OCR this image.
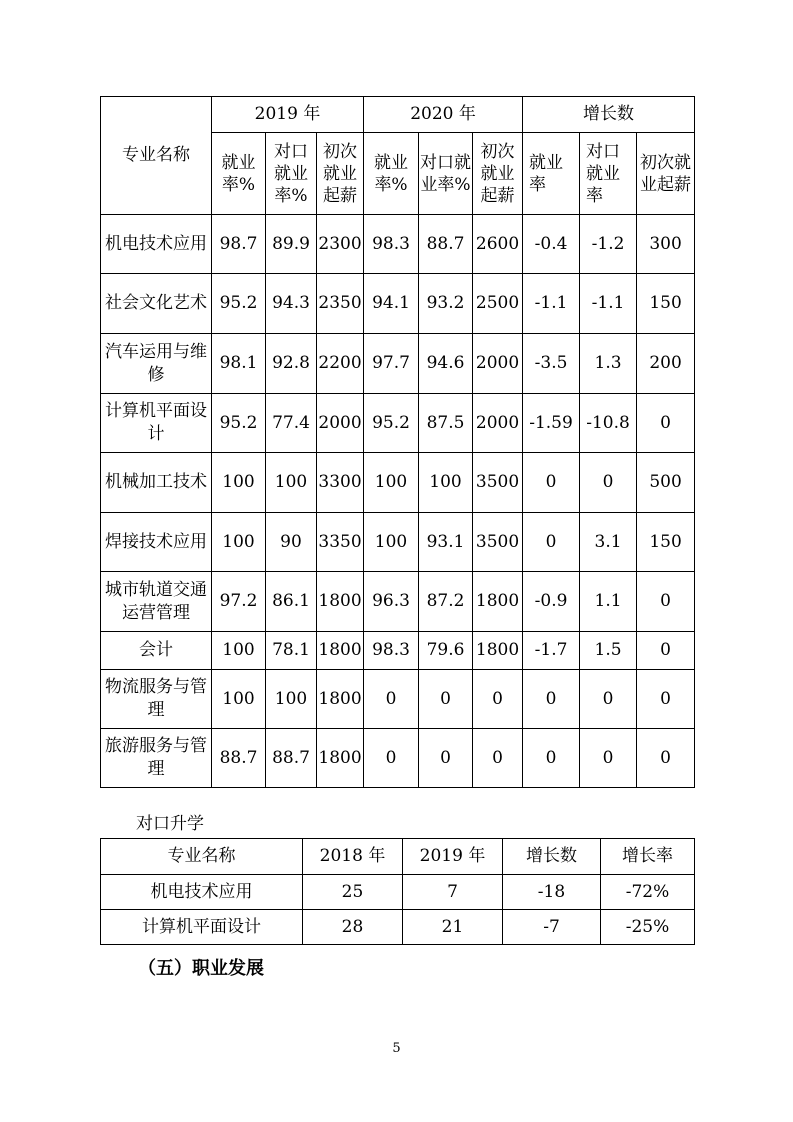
专业名称	2019 年			2020 年			增长数		
	就业率%	对口就业率%	初次就业起薪	就业率%	对口就业率%	初次就业起薪	就业率	对口就业率	初次就业起薪
机电技术应用	98.7	89.9	2300	98.3	88.7	2600	-0.4	-1.2	300
社会文化艺术	95.2	94.3	2350	94.1	93.2	2500	-1.1	-1.1	150
汽车运用与维修	98.1	92.8	2200	97.7	94.6	2000	-3.5	1.3	200
计算机平面设计	95.2	77.4	2000	95.2	87.5	2000	-1.59	-10.8	0
机械加工技术	100	100	3300	100	100	3500	0	0	500
焊接技术应用	100	90	3350	100	93.1	3500	0	3.1	150
城市轨道交通运营管理	97.2	86.1	1800	96.3	87.2	1800	-0.9	1.1	0
会计	100	78.1	1800	98.3	79.6	1800	-1.7	1.5	0
物流服务与管理	100	100	1800	0	0	0	0	0	0
旅游服务与管理	88.7	88.7	1800	0	0	0	0	0	0
对口升学
专业名称	2018 年	2019 年	增长数	增长率
机电技术应用	25	7	-18	-72%
计算机平面设计	28	21	-7	-25%
（五）职业发展
5
